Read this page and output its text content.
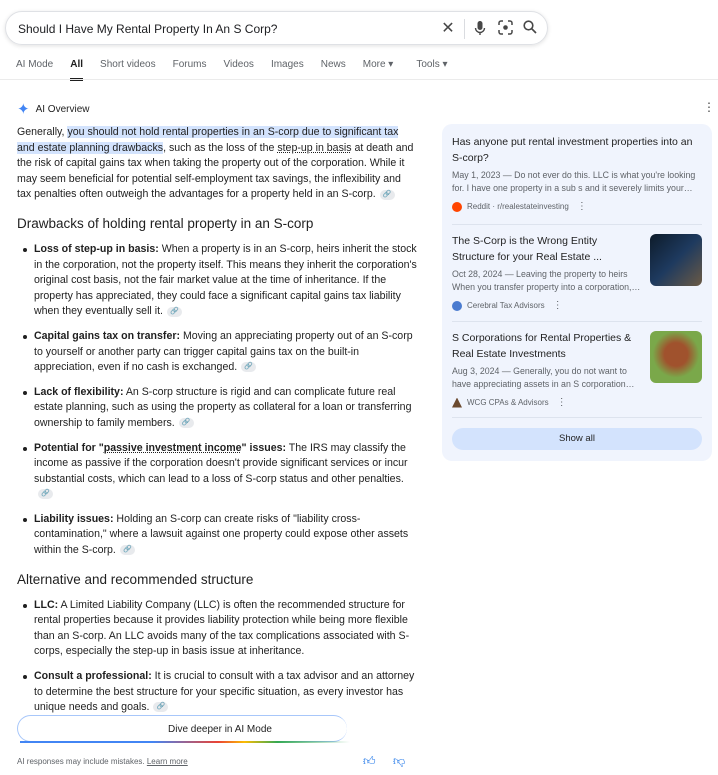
Should I Have My Rental Property In An S Corp?	✕
AI Mode All Short videos Forums Videos Images News More ▾ Tools ▾
✦ AI Overview	⋮

Generally, you should not hold rental properties in an S-corp due to significant tax and estate planning drawbacks, such as the loss of the step-up in basis at death and the risk of capital gains tax when taking the property out of the corporation. While it may seem beneficial for potential self-employment tax savings, the inflexibility and tax penalties often outweigh the advantages for a property held in an S-corp. 🔗

Drawbacks of holding rental property in an S-corp
Loss of step-up in basis: When a property is in an S-corp, heirs inherit the stock in the corporation, not the property itself. This means they inherit the corporation's original cost basis, not the fair market value at the time of inheritance. If the property has appreciated, they could face a significant capital gains tax liability when they eventually sell it. 🔗
Capital gains tax on transfer: Moving an appreciating property out of an S-corp to yourself or another party can trigger capital gains tax on the built-in appreciation, even if no cash is exchanged. 🔗
Lack of flexibility: An S-corp structure is rigid and can complicate future real estate planning, such as using the property as collateral for a loan or transferring ownership to family members. 🔗
Potential for "passive investment income" issues: The IRS may classify the income as passive if the corporation doesn't provide significant services or incur substantial costs, which can lead to a loss of S-corp status and other penalties.🔗
Liability issues: Holding an S-corp can create risks of "liability cross-contamination," where a lawsuit against one property could expose other assets within the S-corp. 🔗
Alternative and recommended structure
LLC: A Limited Liability Company (LLC) is often the recommended structure for rental properties because it provides liability protection while being more flexible than an S-corp. An LLC avoids many of the tax complications associated with S-corps, especially the step-up in basis issue at inheritance.
Consult a professional: It is crucial to consult with a tax advisor and an attorney to determine the best structure for your specific situation, as every investor has unique needs and goals. 🔗
Dive deeper in AI Mode
AI responses may include mistakes. Learn more	👍︎ 👎︎
Has anyone put rental investment properties into an S-corp?
May 1, 2023 — Do not ever do this. LLC is what you're looking for. I have one property in a sub s and it severely limits your…
Reddit · r/realestateinvesting ⋮
The S-Corp is the Wrong Entity Structure for your Real Estate ...
Oct 28, 2024 — Leaving the property to heirs When you transfer property into a corporation,…
Cerebral Tax Advisors ⋮
S Corporations for Rental Properties & Real Estate Investments
Aug 3, 2024 — Generally, you do not want to have appreciating assets in an S corporation…
WCG CPAs & Advisors ⋮
Show all
